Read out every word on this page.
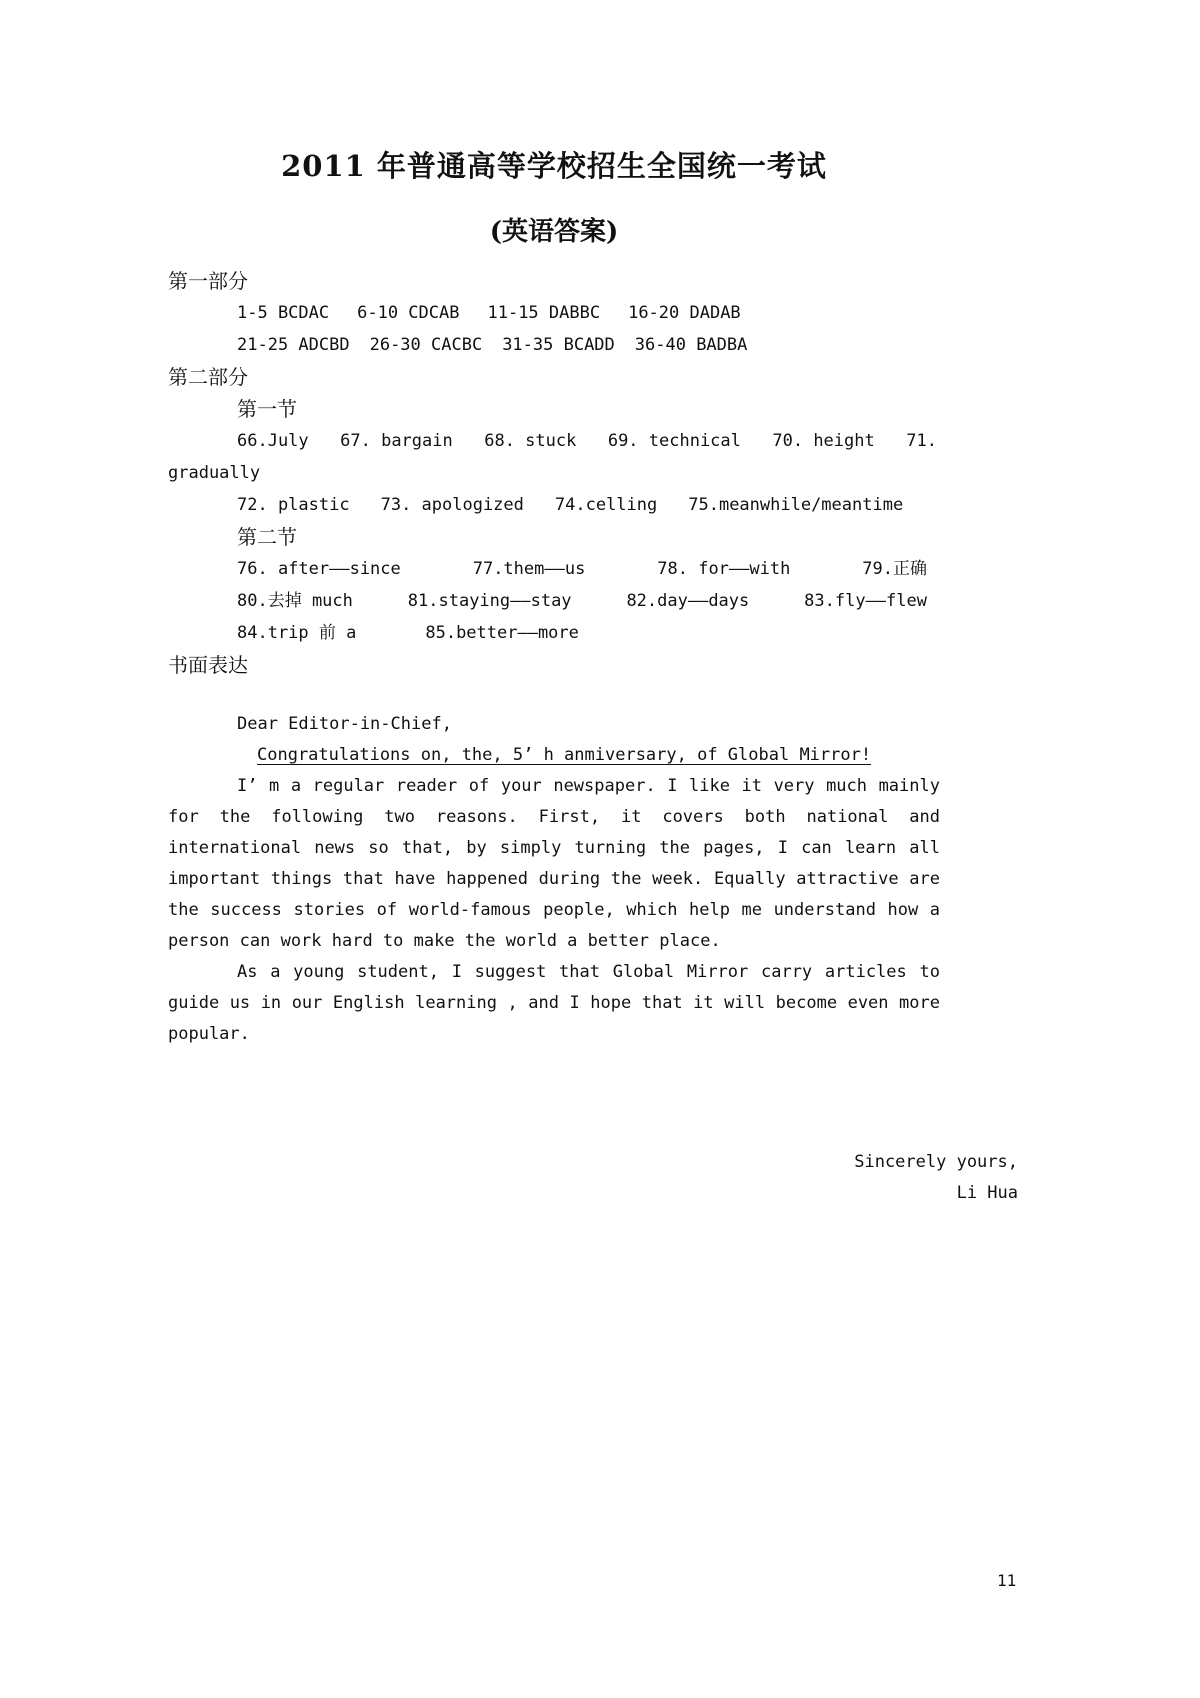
2011 年普通高等学校招生全国统一考试
(英语答案)
第一部分
1-5 BCDAC 6-10 CDCAB 11-15 DABBC 16-20 DADAB
21-25 ADCBD 26-30 CACBC 31-35 BCADD 36-40 BADBA
第二部分
第一节
66.July 67. bargain 68. stuck 69. technical 70. height 71.
gradually
72. plastic 73. apologized 74.celling 75.meanwhile/meantime
第二节
76. after——since	77.them——us	78. for——with	79.正确
80.去掉 much	81.staying——stay	82.day——days	83.fly——flew
84.trip 前 a	85.better——more
书面表达
Dear Editor-in-Chief,
Congratulations on, the, 5’ h anmiversary, of Global Mirror!

I’ m a regular reader of your newspaper. I like it very much mainly for the following two reasons. First, it covers both national and international news so that, by simply turning the pages, I can learn all important things that have happened during the week. Equally attractive are the success stories of world-famous people, which help me understand how a person can work hard to make the world a better place.

As a young student, I suggest that Global Mirror carry articles to guide us in our English learning , and I hope that it will become even more popular.

Sincerely yours,
Li Hua
11
